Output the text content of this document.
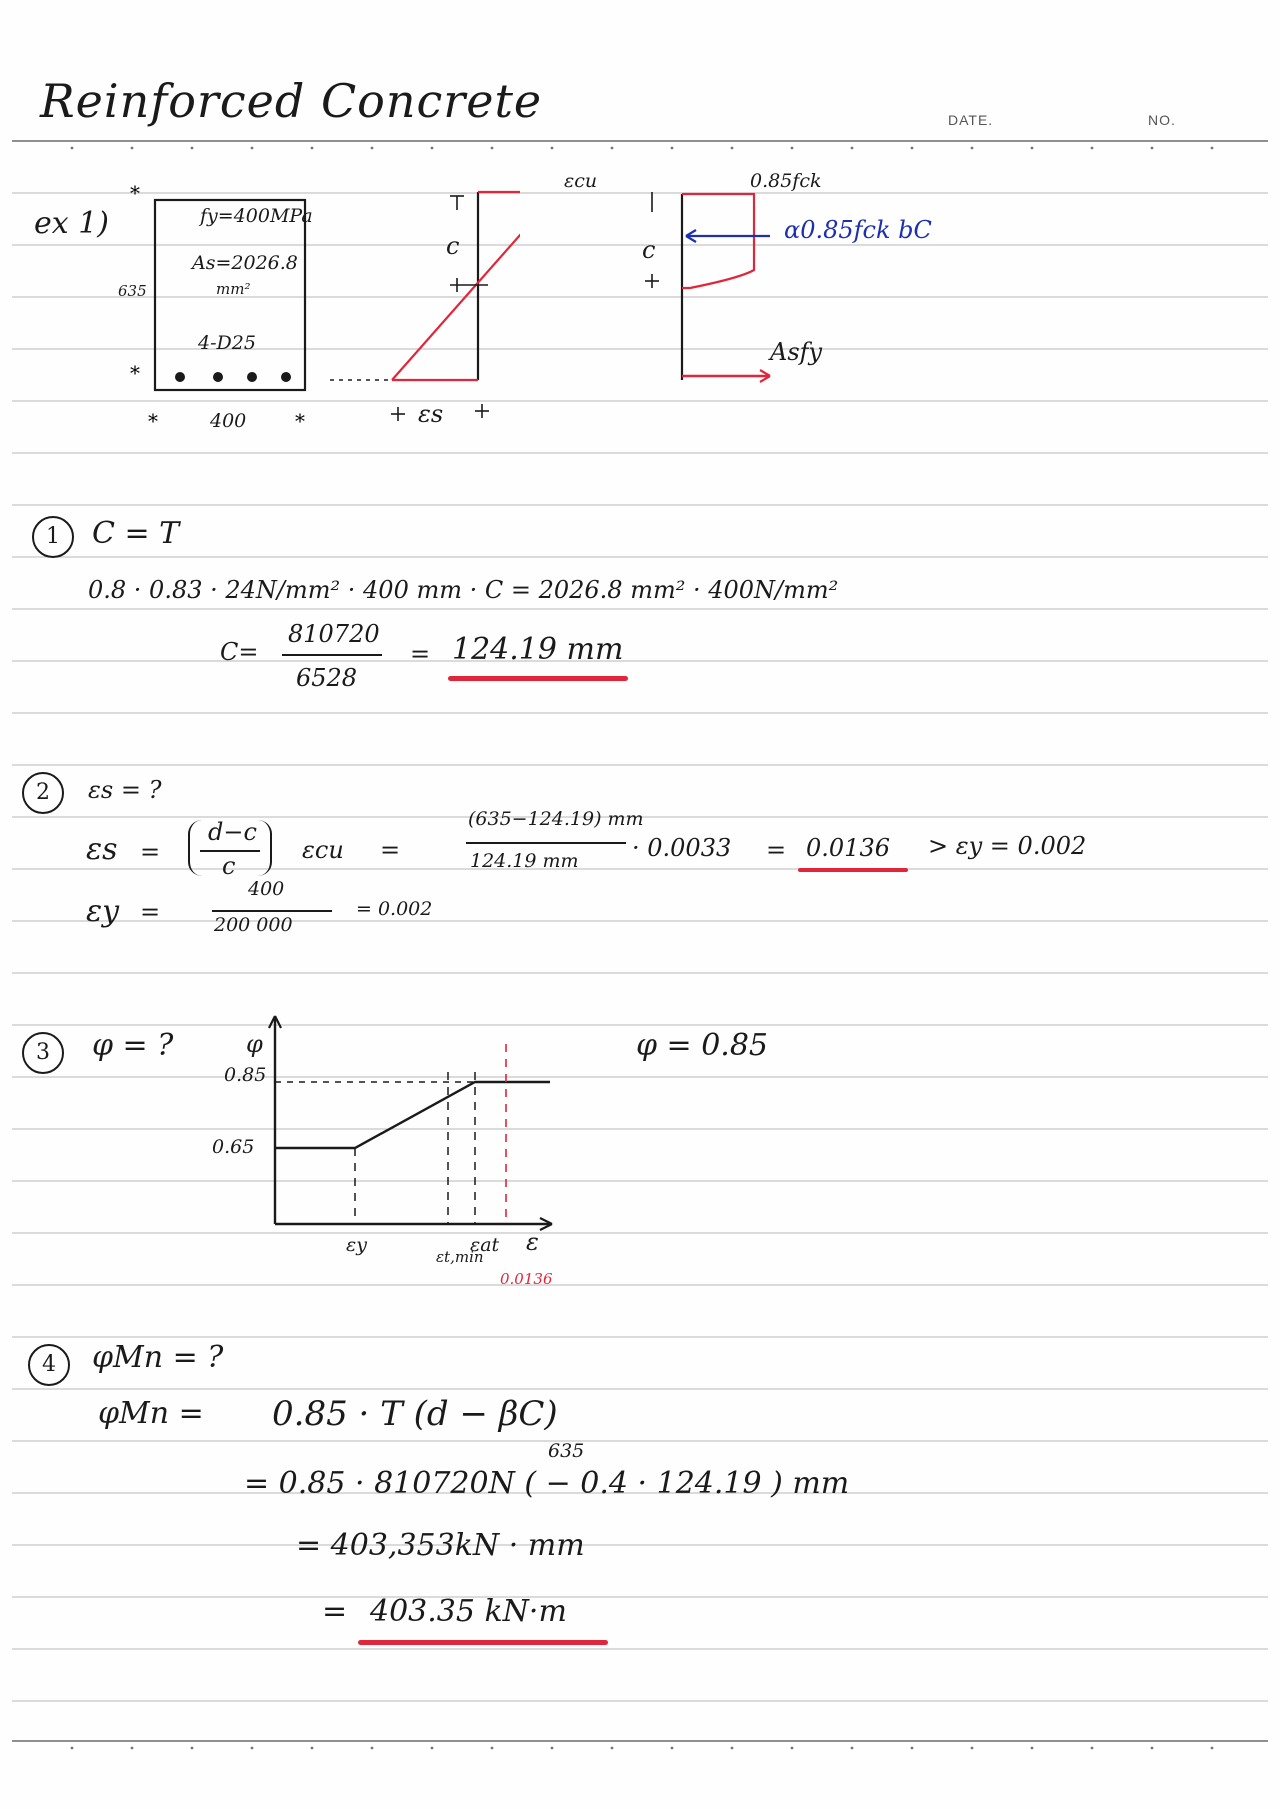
Reinforced Concrete	DATE.	NO.
ex 1)
*
*
*	*
fy=400MPa
As=2026.8
mm²
4-D25
635
400
εcu
c
εs
0.85fck
c
α0.85fck bC
Asfy
1	C = T
0.8 · 0.83 · 24N/mm² · 400 mm · C = 2026.8 mm² · 400N/mm²
C=
810720
6528
= 124.19 mm
2	εs = ?
εs =
d−c
c
εcu =
(635−124.19) mm
124.19 mm · 0.0033 = 0.0136 > εy = 0.002
εy =
400
200 000
= 0.002
3	φ = ?	φ
0.85
0.65
εy
εt,min
εat ε
0.0136
φ = 0.85
4	φMn = ?
φMn = 0.85 · T (d − βC)
635
= 0.85 · 810720N ( − 0.4 · 124.19 ) mm
= 403,353kN · mm
= 403.35 kN·m
